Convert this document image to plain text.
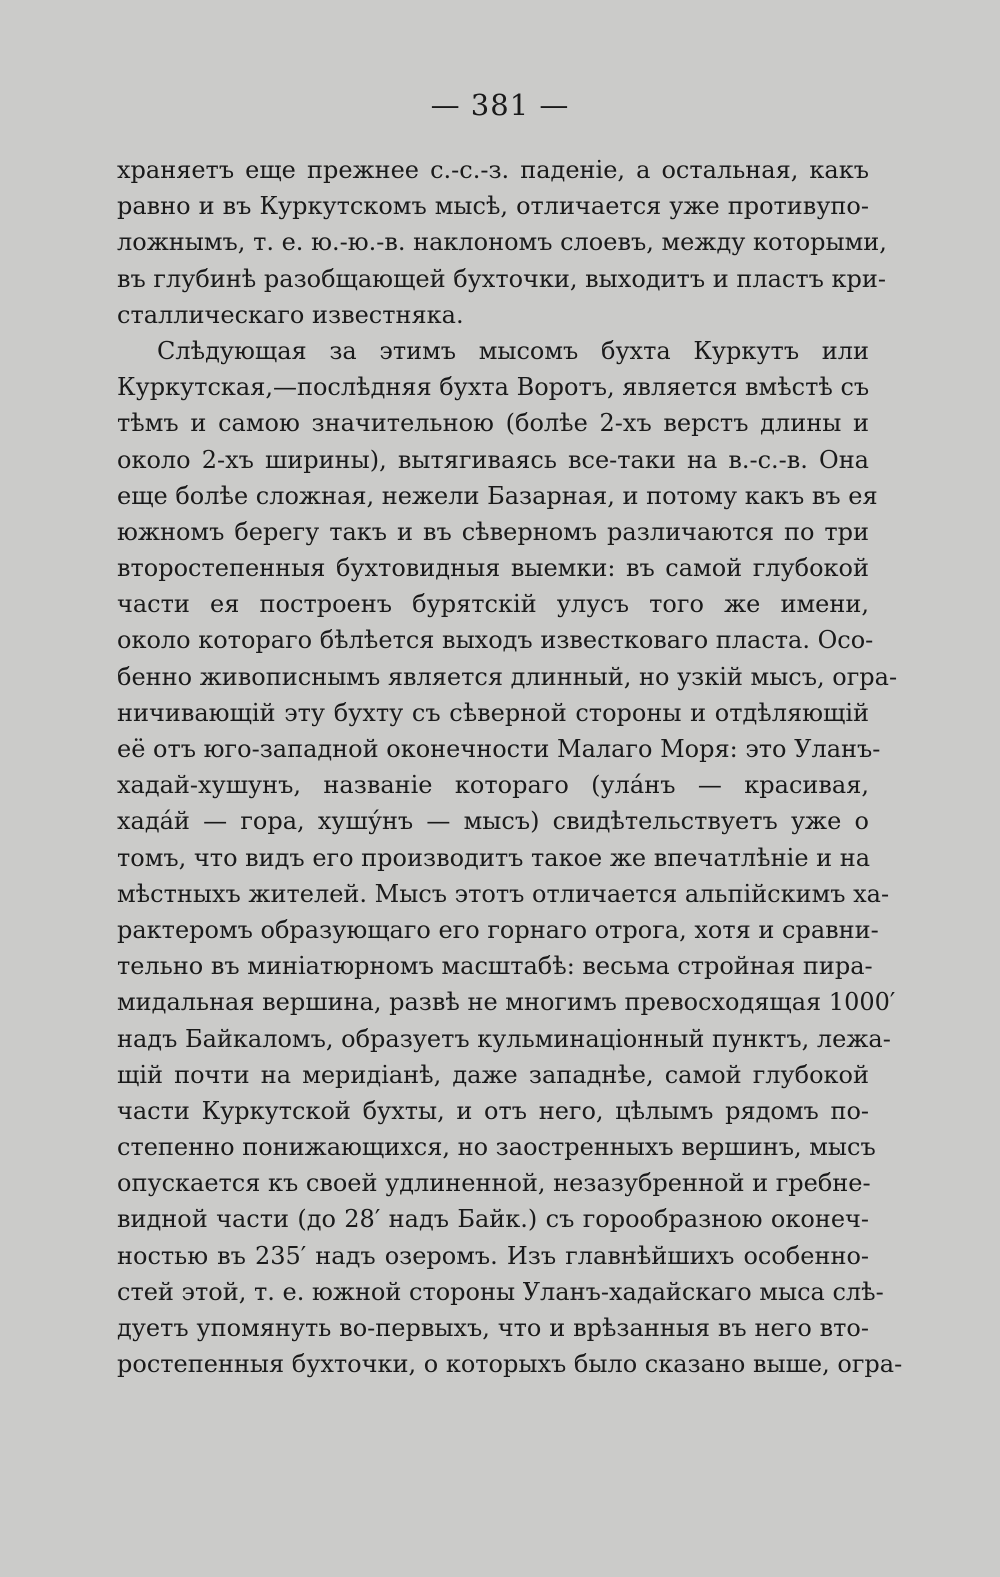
— 381 —
храняетъ еще прежнее с.-с.-з. паденіе, а остальная, какъ
равно и въ Куркутскомъ мысѣ, отличается уже противупо-
ложнымъ, т. е. ю.-ю.-в. наклономъ слоевъ, между которыми,
въ глубинѣ разобщающей бухточки, выходитъ и пластъ кри-
сталлическаго известняка.
Слѣдующая за этимъ мысомъ бухта Куркутъ или
Куркутская,—послѣдняя бухта Воротъ, является вмѣстѣ съ
тѣмъ и самою значительною (болѣе 2-хъ верстъ длины и
около 2-хъ ширины), вытягиваясь все-таки на в.-с.-в. Она
еще болѣе сложная, нежели Базарная, и потому какъ въ ея
южномъ берегу такъ и въ сѣверномъ различаются по три
второстепенныя бухтовидныя выемки: въ самой глубокой
части ея построенъ бурятскій улусъ того же имени,
около котораго бѣлѣется выходъ известковаго пласта. Осо-
бенно живописнымъ является длинный, но узкій мысъ, огра-
ничивающій эту бухту съ сѣверной стороны и отдѣляющій
её отъ юго-западной оконечности Малаго Моря: это Уланъ-
хадай-хушунъ, названіе котораго (ула́нъ — красивая,
хада́й — гора, хушу́нъ — мысъ) свидѣтельствуетъ уже о
томъ, что видъ его производитъ такое же впечатлѣніе и на
мѣстныхъ жителей. Мысъ этотъ отличается альпійскимъ ха-
рактеромъ образующаго его горнаго отрога, хотя и сравни-
тельно въ миніатюрномъ масштабѣ: весьма стройная пира-
мидальная вершина, развѣ не многимъ превосходящая 1000′
надъ Байкаломъ, образуетъ кульминаціонный пунктъ, лежа-
щій почти на меридіанѣ, даже западнѣе, самой глубокой
части Куркутской бухты, и отъ него, цѣлымъ рядомъ по-
степенно понижающихся, но заостренныхъ вершинъ, мысъ
опускается къ своей удлиненной, незазубренной и гребне-
видной части (до 28′ надъ Байк.) съ горообразною оконеч-
ностью въ 235′ надъ озеромъ. Изъ главнѣйшихъ особенно-
стей этой, т. е. южной стороны Уланъ-хадайскаго мыса слѣ-
дуетъ упомянуть во-первыхъ, что и врѣзанныя въ него вто-
ростепенныя бухточки, о которыхъ было сказано выше, огра-
